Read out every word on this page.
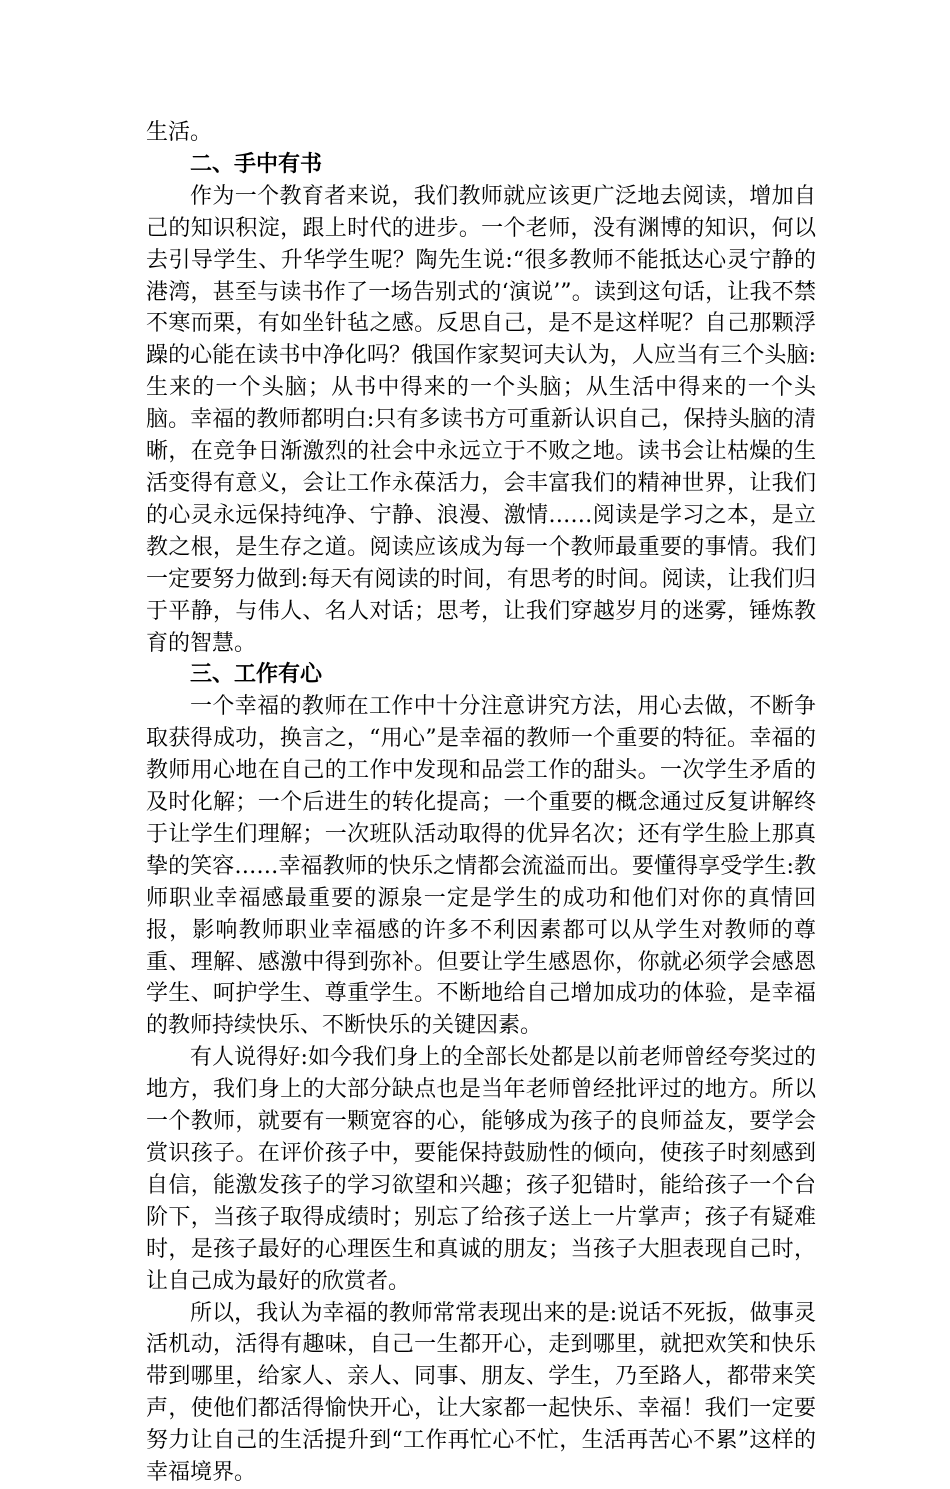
生活。

二、手中有书

作为一个教育者来说，我们教师就应该更广泛地去阅读，增加自己的知识积淀，跟上时代的进步。一个老师，没有渊博的知识，何以去引导学生、升华学生呢？陶先生说:“很多教师不能抵达心灵宁静的港湾，甚至与读书作了一场告别式的‘演说’”。读到这句话，让我不禁不寒而栗，有如坐针毡之感。反思自己，是不是这样呢？自己那颗浮躁的心能在读书中净化吗？俄国作家契诃夫认为，人应当有三个头脑:生来的一个头脑；从书中得来的一个头脑；从生活中得来的一个头脑。幸福的教师都明白:只有多读书方可重新认识自己，保持头脑的清晰，在竞争日渐激烈的社会中永远立于不败之地。读书会让枯燥的生活变得有意义，会让工作永葆活力，会丰富我们的精神世界，让我们的心灵永远保持纯净、宁静、浪漫、激情……阅读是学习之本，是立教之根，是生存之道。阅读应该成为每一个教师最重要的事情。我们一定要努力做到:每天有阅读的时间，有思考的时间。阅读，让我们归于平静，与伟人、名人对话；思考，让我们穿越岁月的迷雾，锤炼教育的智慧。

三、工作有心

一个幸福的教师在工作中十分注意讲究方法，用心去做，不断争取获得成功，换言之，“用心”是幸福的教师一个重要的特征。幸福的教师用心地在自己的工作中发现和品尝工作的甜头。一次学生矛盾的及时化解；一个后进生的转化提高；一个重要的概念通过反复讲解终于让学生们理解；一次班队活动取得的优异名次；还有学生脸上那真挚的笑容……幸福教师的快乐之情都会流溢而出。要懂得享受学生:教师职业幸福感最重要的源泉一定是学生的成功和他们对你的真情回报，影响教师职业幸福感的许多不利因素都可以从学生对教师的尊重、理解、感激中得到弥补。但要让学生感恩你，你就必须学会感恩学生、呵护学生、尊重学生。不断地给自己增加成功的体验，是幸福的教师持续快乐、不断快乐的关键因素。

有人说得好:如今我们身上的全部长处都是以前老师曾经夸奖过的地方，我们身上的大部分缺点也是当年老师曾经批评过的地方。所以一个教师，就要有一颗宽容的心，能够成为孩子的良师益友，要学会赏识孩子。在评价孩子中，要能保持鼓励性的倾向，使孩子时刻感到自信，能激发孩子的学习欲望和兴趣；孩子犯错时，能给孩子一个台阶下，当孩子取得成绩时；别忘了给孩子送上一片掌声；孩子有疑难时，是孩子最好的心理医生和真诚的朋友；当孩子大胆表现自己时，让自己成为最好的欣赏者。

所以，我认为幸福的教师常常表现出来的是:说话不死扳，做事灵活机动，活得有趣味，自己一生都开心，走到哪里，就把欢笑和快乐带到哪里，给家人、亲人、同事、朋友、学生，乃至路人，都带来笑声，使他们都活得愉快开心，让大家都一起快乐、幸福！我们一定要努力让自己的生活提升到“工作再忙心不忙，生活再苦心不累”这样的幸福境界。
